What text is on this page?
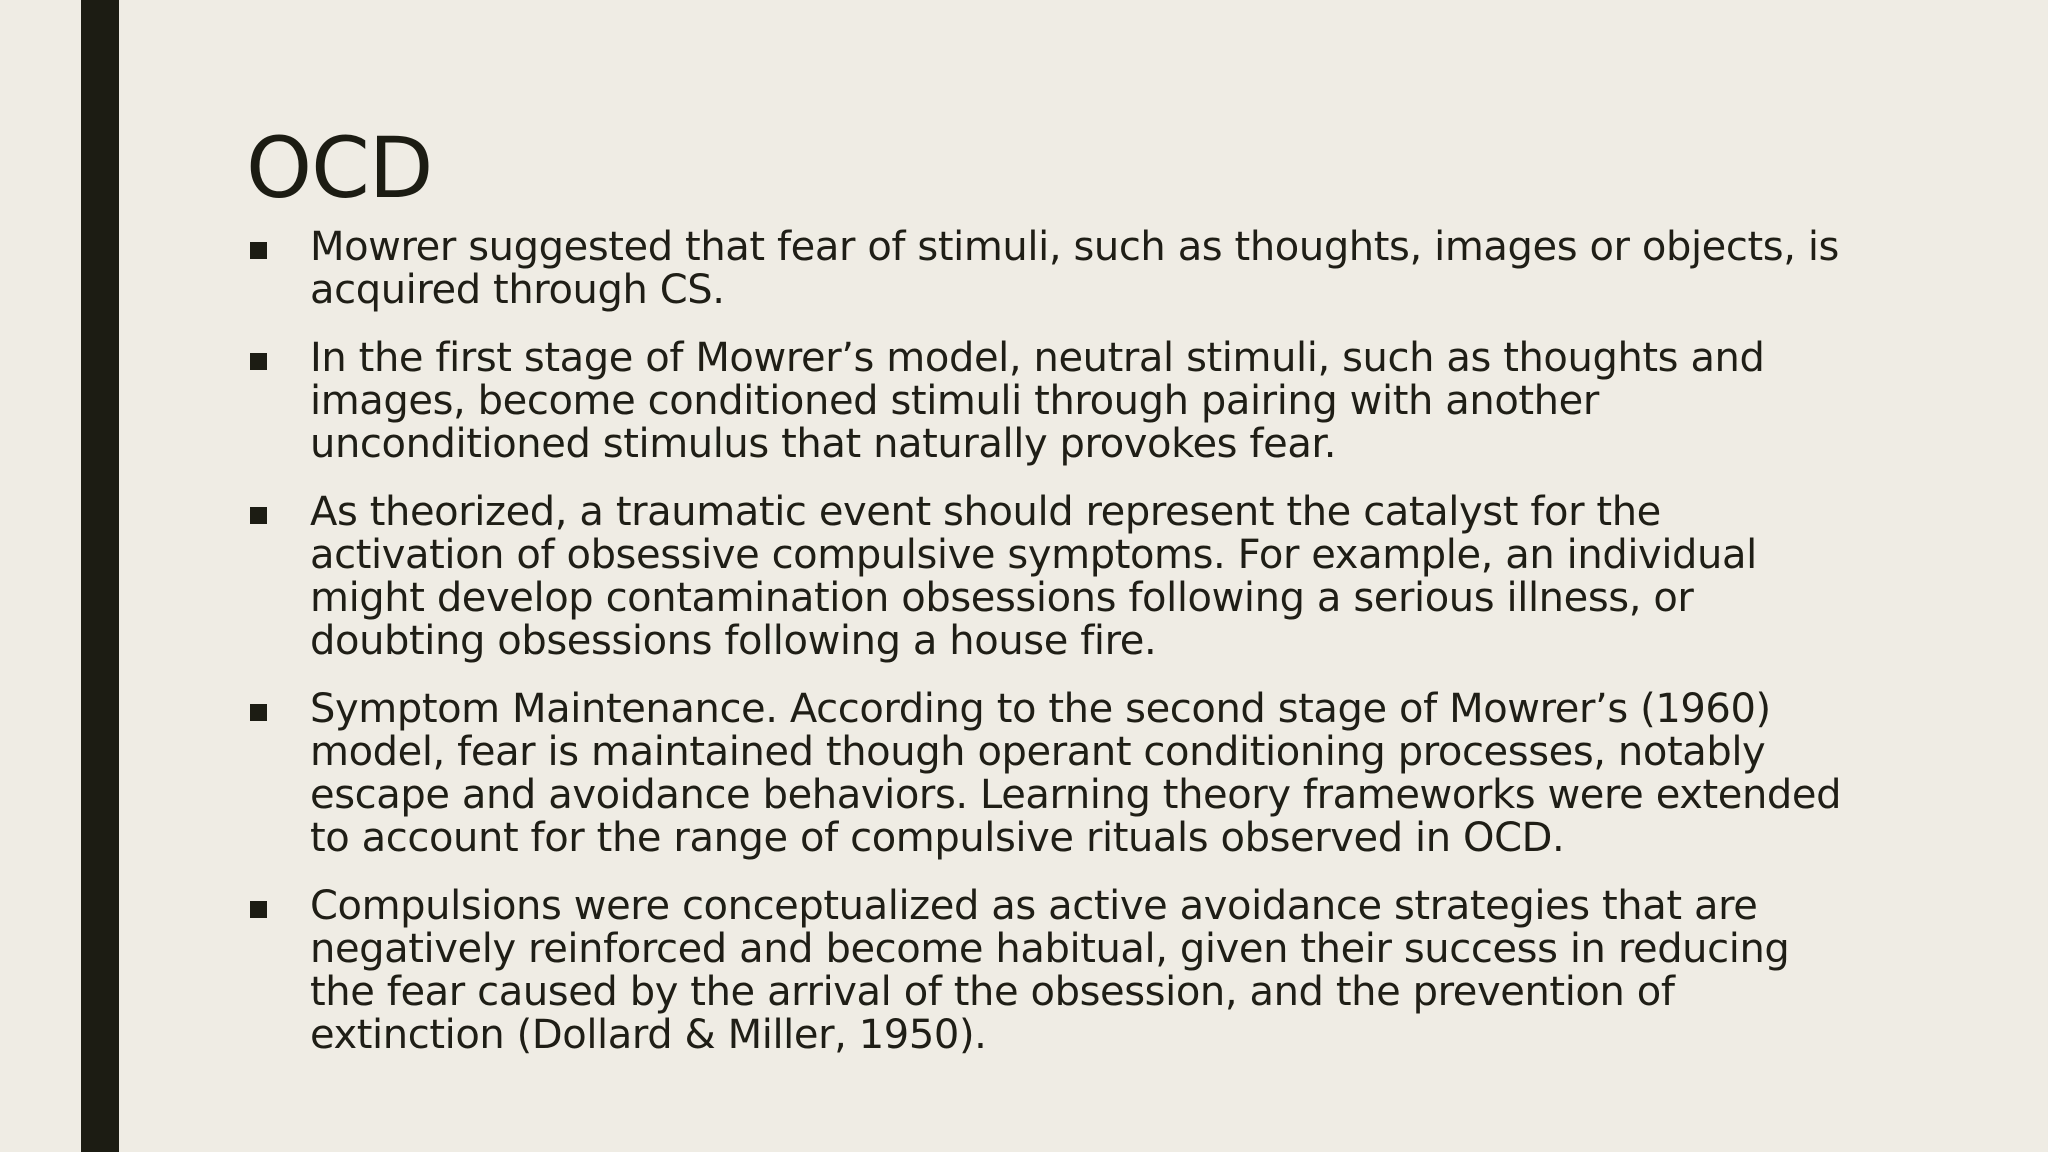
OCD
Mowrer suggested that fear of stimuli, such as thoughts, images or objects, is acquired through CS.
In the first stage of Mowrer’s model, neutral stimuli, such as thoughts and images, become conditioned stimuli through pairing with another unconditioned stimulus that naturally provokes fear.
As theorized, a traumatic event should represent the catalyst for the activation of obsessive compulsive symptoms. For example, an individual might develop contamination obsessions following a serious illness, or doubting obsessions following a house fire.
Symptom Maintenance. According to the second stage of Mowrer’s (1960) model, fear is maintained though operant conditioning processes, notably escape and avoidance behaviors. Learning theory frameworks were extended to account for the range of compulsive rituals observed in OCD.
Compulsions were conceptualized as active avoidance strategies that are negatively reinforced and become habitual, given their success in reducing the fear caused by the arrival of the obsession, and the prevention of extinction (Dollard & Miller, 1950).
